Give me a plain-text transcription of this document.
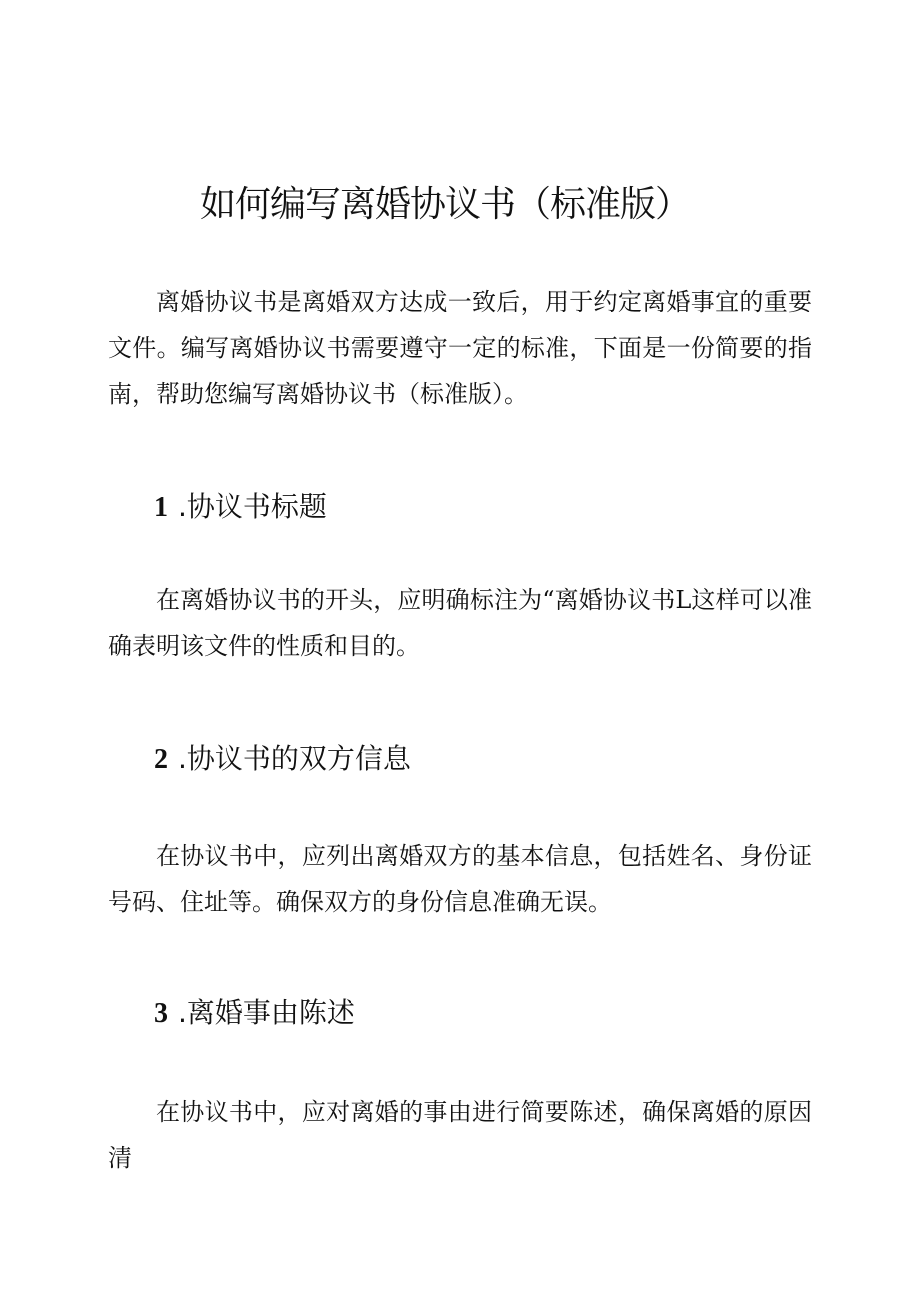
如何编写离婚协议书（标准版）

离婚协议书是离婚双方达成一致后，用于约定离婚事宜的重要文件。编写离婚协议书需要遵守一定的标准，下面是一份简要的指南，帮助您编写离婚协议书（标准版）。

1 .协议书标题

在离婚协议书的开头，应明确标注为“离婚协议书L这样可以准确表明该文件的性质和目的。

2 .协议书的双方信息

在协议书中，应列出离婚双方的基本信息，包括姓名、身份证号码、住址等。确保双方的身份信息准确无误。

3 .离婚事由陈述

在协议书中，应对离婚的事由进行简要陈述，确保离婚的原因清
